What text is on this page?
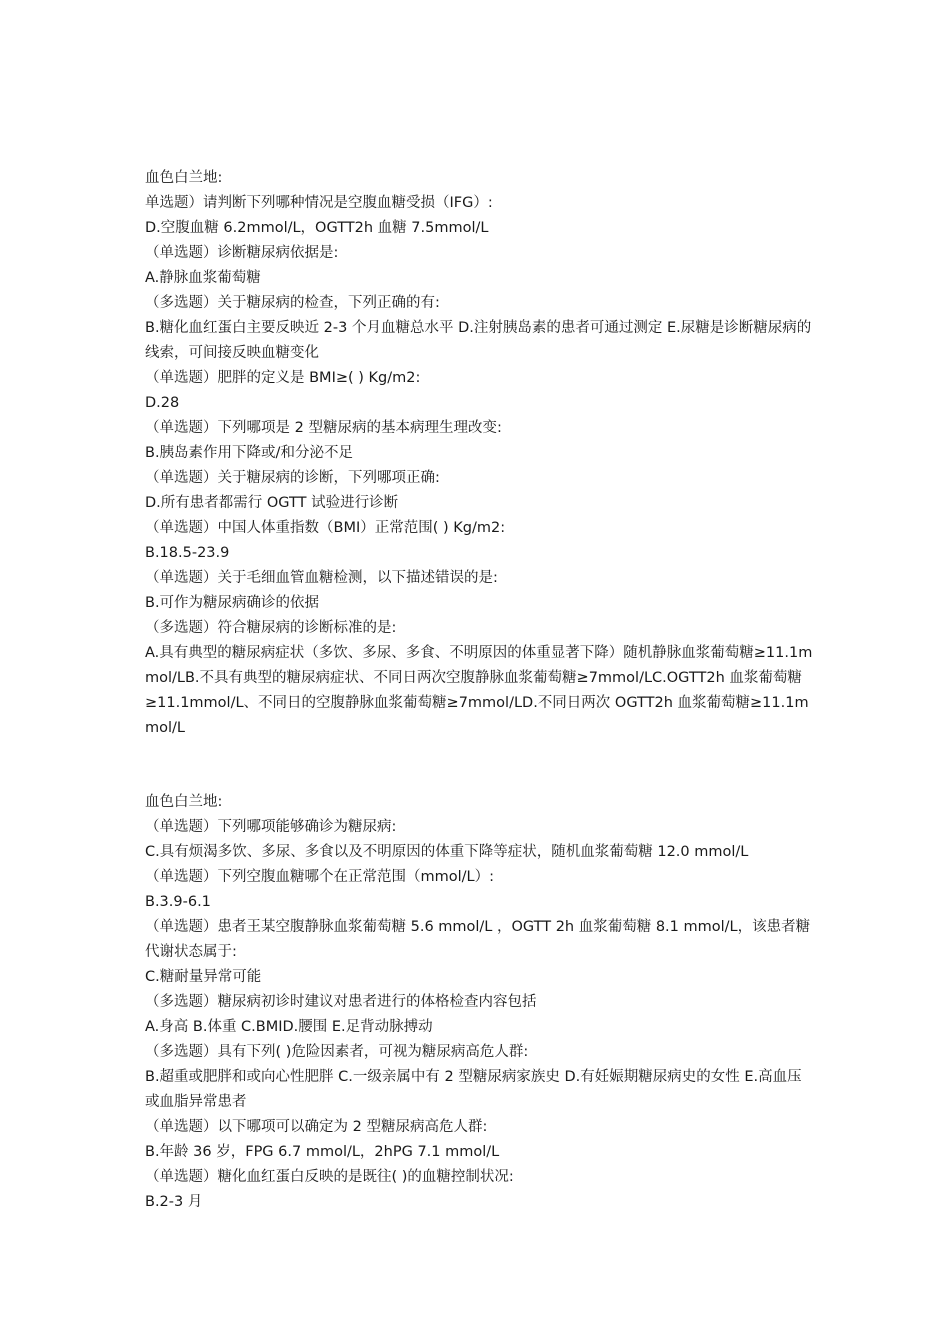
血色白兰地:

单选题）请判断下列哪种情况是空腹血糖受损（IFG）:

D.空腹血糖 6.2mmol/L，OGTT2h 血糖 7.5mmol/L

（单选题）诊断糖尿病依据是:

A.静脉血浆葡萄糖

（多选题）关于糖尿病的检查，下列正确的有:

B.糖化血红蛋白主要反映近 2-3 个月血糖总水平 D.注射胰岛素的患者可通过测定 E.尿糖是诊断糖尿病的线索，可间接反映血糖变化

（单选题）肥胖的定义是 BMI≥( ) Kg/m2:

D.28

（单选题）下列哪项是 2 型糖尿病的基本病理生理改变:

B.胰岛素作用下降或/和分泌不足

（单选题）关于糖尿病的诊断，下列哪项正确:

D.所有患者都需行 OGTT 试验进行诊断

（单选题）中国人体重指数（BMI）正常范围( ) Kg/m2:

B.18.5-23.9

（单选题）关于毛细血管血糖检测，以下描述错误的是:

B.可作为糖尿病确诊的依据

（多选题）符合糖尿病的诊断标准的是:

A.具有典型的糖尿病症状（多饮、多尿、多食、不明原因的体重显著下降）随机静脉血浆葡萄糖≥11.1mmol/LB.不具有典型的糖尿病症状、不同日两次空腹静脉血浆葡萄糖≥7mmol/LC.OGTT2h 血浆葡萄糖≥11.1mmol/L、不同日的空腹静脉血浆葡萄糖≥7mmol/LD.不同日两次 OGTT2h 血浆葡萄糖≥11.1mmol/L

血色白兰地:

（单选题）下列哪项能够确诊为糖尿病:

C.具有烦渴多饮、多尿、多食以及不明原因的体重下降等症状，随机血浆葡萄糖 12.0 mmol/L

（单选题）下列空腹血糖哪个在正常范围（mmol/L）:

B.3.9-6.1

（单选题）患者王某空腹静脉血浆葡萄糖 5.6 mmol/L ，OGTT 2h 血浆葡萄糖 8.1 mmol/L，该患者糖代谢状态属于:

C.糖耐量异常可能

（多选题）糖尿病初诊时建议对患者进行的体格检查内容包括

A.身高 B.体重 C.BMID.腰围 E.足背动脉搏动

（多选题）具有下列( )危险因素者，可视为糖尿病高危人群:

B.超重或肥胖和或向心性肥胖 C.一级亲属中有 2 型糖尿病家族史 D.有妊娠期糖尿病史的女性 E.高血压或血脂异常患者

（单选题）以下哪项可以确定为 2 型糖尿病高危人群:

B.年龄 36 岁，FPG 6.7 mmol/L，2hPG 7.1 mmol/L

（单选题）糖化血红蛋白反映的是既往( )的血糖控制状况:

B.2-3 月
